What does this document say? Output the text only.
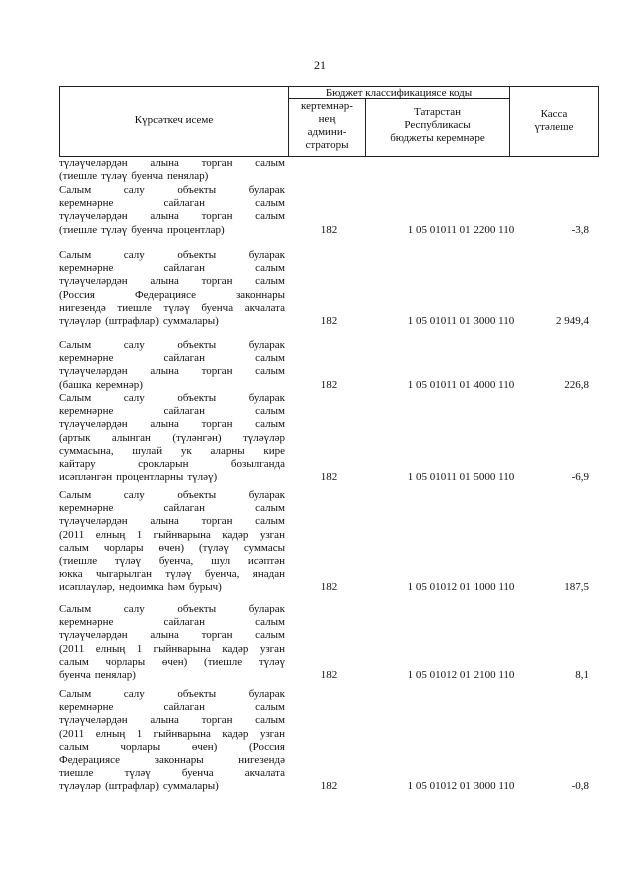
21
Күрсәткеч исеме
Бюджет классификациясе коды
кертемнәр-
нең
админи-
страторы
Татарстан
Республикасы
бюджеты керемнәре
Касса
үтәлеше
түләүчеләрдән алына торган салым
(тиешле түләү буенча пенялар)
Салым	салу	объекты	буларак
керемнәрне	сайлаган	салым
түләүчеләрдән алына торган салым
(тиешле түләү буенча процентлар)	182	1 05 01011 01 2200 110	-3,8
Салым	салу	объекты	буларак
керемнәрне	сайлаган	салым
түләүчеләрдән алына торган салым
(Россия	Федерациясе	законнары
нигезендә тиешле түләү буенча акчалата
түләүләр (штрафлар) суммалары)	182	1 05 01011 01 3000 110	2 949,4
Салым	салу	объекты	буларак
керемнәрне	сайлаган	салым
түләүчеләрдән алына торган салым
(башка керемнәр)	182	1 05 01011 01 4000 110	226,8
Салым	салу	объекты	буларак
керемнәрне	сайлаган	салым
түләүчеләрдән алына торган салым
(артык алынган (түләнгән) түләүләр
суммасына, шулай ук аларны кире
кайтару	срокларын	бозылганда
исәпләнгән процентларны түләү)	182	1 05 01011 01 5000 110	-6,9
Салым	салу	объекты	буларак
керемнәрне	сайлаган	салым
түләүчеләрдән алына торган салым
(2011 елның 1 гыйнварына кадәр узган
салым чорлары өчен) (түләү суммасы
(тиешле түләү буенча, шул исәптән
юкка чыгарылган түләү буенча, янадан
исәплаүләр, недоимка һәм бурыч)	182	1 05 01012 01 1000 110	187,5
Салым	салу	объекты	буларак
керемнәрне	сайлаган	салым
түләүчеләрдән алына торган салым
(2011 елның 1 гыйнварына кадәр узган
салым чорлары өчен) (тиешле түләү
буенча пенялар)	182	1 05 01012 01 2100 110	8,1
Салым	салу	объекты	буларак
керемнәрне	сайлаган	салым
түләүчеләрдән алына торган салым
(2011 елның 1 гыйнварына кадәр узган
салым	чорлары	өчен)	(Россия
Федерациясе	законнары	нигезендә
тиешле	түләү	буенча	акчалата
түләүләр (штрафлар) суммалары)	182	1 05 01012 01 3000 110	-0,8
